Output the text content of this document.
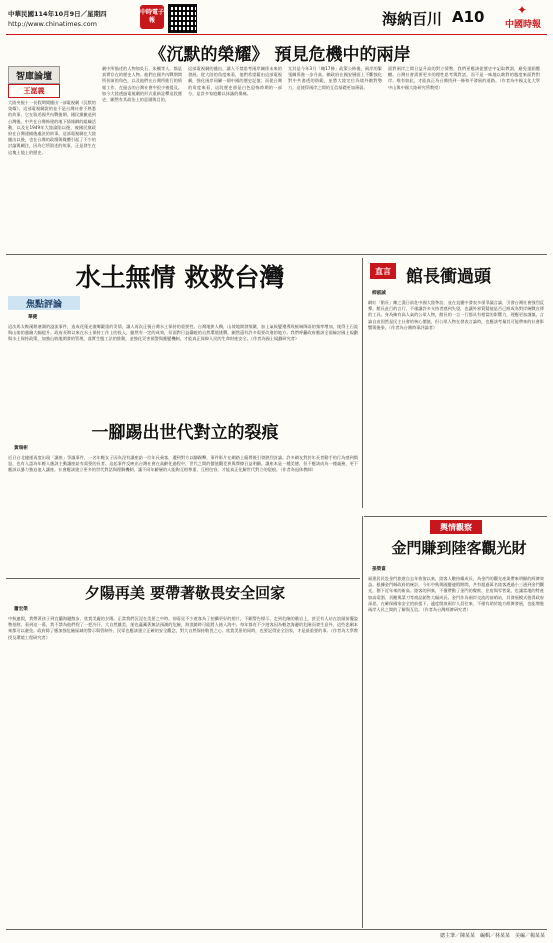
中華民國114年10月9日／星期四
http://www.chinatimes.com
中時電子報	海納百川 A10	✦
中國時報
《沉默的榮耀》 預見危機中的兩岸
智庫論壇
王崑義
大陸央視十一長假期間播出一部電視劇《沉默的榮耀》，這部電視劇說的並不是台灣社會不熟悉的故事，它在敘述國共內戰後期，國民黨撤退到台灣後，中共在台灣佈建的地下情報網的組織活動，以及在1949年大陸淪陷以後，被國民黨政府在台灣逮捕後處決的故事。這部電視劇在大陸播出以後，也在台灣的政壇與媒體引起了不少的討論與關注，因為它所敘述的故事，正是發生在這塊土地上的歷史。
劇中所描述的人物如吳石、朱楓等人，都是真實存在的歷史人物。他們在國共內戰期間所扮演的角色，以及他們在台灣所進行的情報工作，在過去的台灣社會中很少被提及。如今大陸透過電視劇的形式重新詮釋這段歷史，顯然有其政治上的意涵與目的。
這部電視劇的播出，讓人不禁思考兩岸關係未來的發展。從大陸的角度來看，他們希望藉由這部電視劇，強化兩岸同屬一個中國的歷史記憶；而從台灣的角度來看，這段歷史卻是白色恐怖時期的一部分，是許多家庭難以抹滅的傷痛。
尤其是今年3月「賴17條」政策公佈後，兩岸的緊張關係進一步升高，賴政府在國安層面上不斷強化對中共滲透的防範，並將大陸定位為境外敵對勢力，這使得兩岸之間的互信基礎更加薄弱。
面對兩岸之間日益升高的對立情勢，我們更應該從歷史中記取教訓，避免重蹈覆轍。台灣社會需要更多的理性思考與對話，而不是一味地以敵對的態度來面對對岸。唯有如此，才能真正為台灣找到一條和平發展的道路。（作者為中國文化大學中山與中國大陸研究所教授）
水土無情 救救台灣
焦點評論
華健
這次馬太鞍溪堰塞湖的溢流事件，造成花蓮光復鄉嚴重的災情，讓人再次正視台灣水土保持的重要性。台灣地狹人稠，山坡地開發頻繁，加上氣候變遷導致極端降雨的頻率增加，使得土石流與山崩的風險大幅提升。政府長期以來在水土保持工作上的投入，雖然有一定的成效，但面對日益嚴峻的自然環境挑戰，顯然還有許多需要改進的地方。我們呼籲政府應該全面檢討國土規劃與水土保持政策，加強山坡地開發的管理，落實生態工法的推動，並強化災害預警與應變機制，才能真正保障人民的生命財產安全。（作者為國土規劃研究者）
直言 館長衝過頭
柳淑誠
網紅「館長」陳之漢日前赴中國大陸參訪，並在直播中發表多項爭議言論，引發台灣社會強烈反彈。館長此行的言行，不僅讓許多支持者感到失望，也讓外界質疑他是否已經成為對岸統戰宣傳的工具。身為擁有高人氣的公眾人物，館長的一言一行都具有相當的影響力，理應更加謹慎。言論自由固然是民主社會的核心價值，但公眾人物在發表言論時，也應該考量其可能帶來的社會影響與後果。（作者為台灣時事評論者）
一腳踢出世代對立的裂痕
黃瑞彬
近日台北捷運再度出現「讓座」爭議事件，一名年輕女子因為沒有讓座給一位年長乘客，遭到對方以腳踢擊，事件影片在網路上瘋傳後引發熱烈討論。許多網友對於年長者動手的行為感到憤怒，也有人認為年輕人應該主動讓座給有需要的長者。這起事件反映出台灣社會在高齡化過程中，世代之間的價值觀差異與摩擦日益明顯。讓座本是一種美德，但不應該成為一種義務，更不應該以暴力強迫他人讓座。社會應該建立更多的世代對話與理解機制，讓不同年齡層的人能夠互相尊重、互相包容，才能真正化解世代對立的裂痕。（作者為退休教師）
輿情觀察
金門賺到陸客觀光財
孫榮富
福建居民赴金門旅遊自去年恢復以來，陸客人數持續成長，為金門的觀光產業帶來明顯的經濟效益。根據金門縣政府的統計，今年中秋與國慶連假期間，共有超過萬名陸客透過小三通到金門觀光，創下近年來的新高。陸客的到來，不僅帶動了金門的餐飲、住宿與零售業，也讓當地的特產如高粱酒、貢糖與菜刀等商品銷售大幅成長。金門作為兩岸交流的前哨站，其發展模式值得政府深思，在確保國家安全的前提下，適度開放兩岸人員往來，不僅有助於地方經濟發展，也能增進兩岸人民之間的了解與互信。（作者為台灣經濟研究者）
夕陽再美 要帶著敬畏安全回家
蕭宏榮
中秋連假，我帶著孩子到宜蘭海邊散步，欣賞美麗的夕陽。正當我們沉浸在美景之中時，卻看見不少遊客為了拍攝更好的照片，不顧警告標示，走到危險的礁岩上，甚至有人站在浪頭前擺姿勢拍照。看到這一幕，我不禁為他們捏了一把冷汗。大自然雖美，卻也蘊藏著無法預測的危險，海浪隨時可能將人捲入海中。每年都有不少遊客因為輕忽海邊的危險而發生意外，這些悲劇本來都可以避免。政府除了應加強危險區域的警示與管制外，民眾也應該建立正確的安全觀念，對大自然保持敬畏之心。欣賞美景的同時，也要記得安全回家，才是最重要的事。（作者為大學教授及環境工程研究者）
總主筆／陳某某　編輯／林某某　美編／楊某某
